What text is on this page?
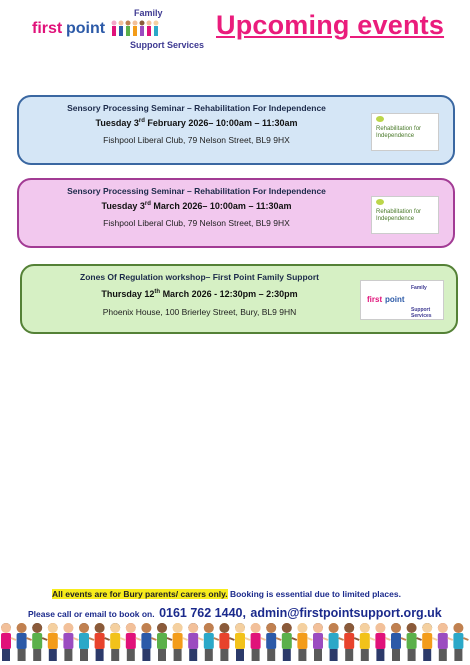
first point
Family
Support Services
Upcoming events
Sensory Processing Seminar – Rehabilitation For Independence
Tuesday 3rd February 2026– 10:00am – 11:30am
Fishpool Liberal Club, 79 Nelson Street, BL9 9HX
Rehabilitation for Independence
Sensory Processing Seminar – Rehabilitation For Independence
Tuesday 3rd March 2026– 10:00am – 11:30am
Fishpool Liberal Club, 79 Nelson Street, BL9 9HX
Rehabilitation for Independence
Zones Of Regulation workshop– First Point Family Support
Thursday 12th March 2026 - 12:30pm – 2:30pm
Phoenix House, 100 Brierley Street, Bury, BL9 9HN
first point
Family
Support Services
All events are for Bury parents/ carers only. Booking is essential due to limited places.
Please call or email to book on. 0161 762 1440, admin@firstpointsupport.org.uk
